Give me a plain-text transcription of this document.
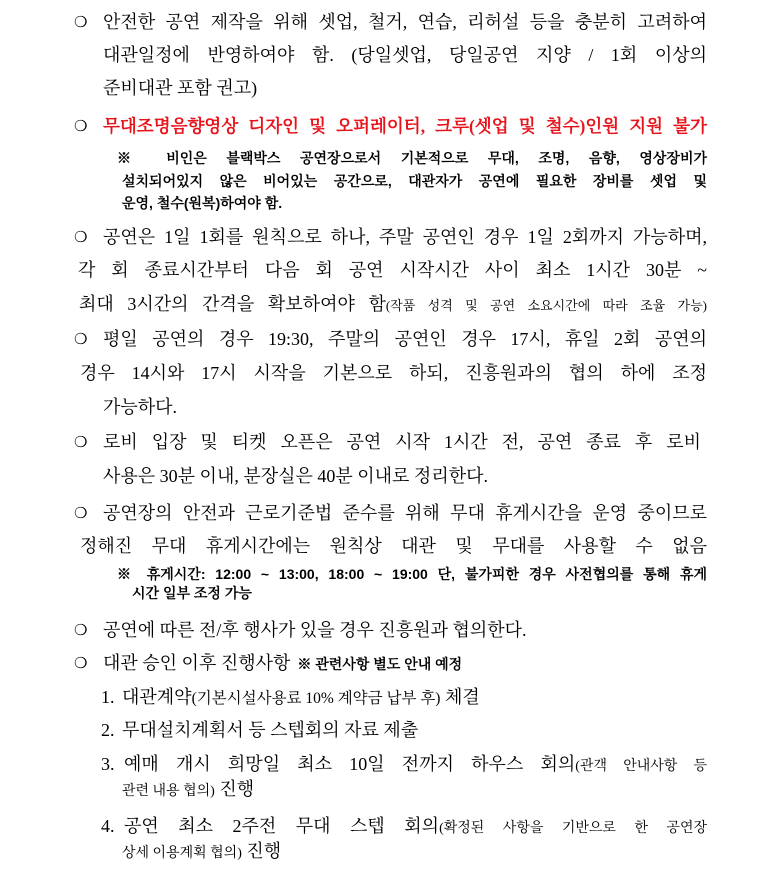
❍ 안전한 공연 제작을 위해 셋업, 철거, 연습, 리허설 등을 충분히 고려하여
대관일정에 반영하여야 함. (당일셋업, 당일공연 지양 / 1회 이상의
준비대관 포함 권고)
❍ 무대조명음향영상 디자인 및 오퍼레이터, 크루(셋업 및 철수)인원 지원 불가
※ 비인은 블랙박스 공연장으로서 기본적으로 무대, 조명, 음향, 영상장비가
설치되어있지 않은 비어있는 공간으로, 대관자가 공연에 필요한 장비를 셋업 및
운영, 철수(원복)하여야 함.
❍ 공연은 1일 1회를 원칙으로 하나, 주말 공연인 경우 1일 2회까지 가능하며,
각 회 종료시간부터 다음 회 공연 시작시간 사이 최소 1시간 30분 ~
최대 3시간의 간격을 확보하여야 함(작품 성격 및 공연 소요시간에 따라 조율 가능)
❍ 평일 공연의 경우 19:30, 주말의 공연인 경우 17시, 휴일 2회 공연의
경우 14시와 17시 시작을 기본으로 하되, 진흥원과의 협의 하에 조정
가능하다.
❍ 로비 입장 및 티켓 오픈은 공연 시작 1시간 전, 공연 종료 후 로비
사용은 30분 이내, 분장실은 40분 이내로 정리한다.
❍ 공연장의 안전과 근로기준법 준수를 위해 무대 휴게시간을 운영 중이므로
정해진 무대 휴게시간에는 원칙상 대관 및 무대를 사용할 수 없음
※ 휴게시간: 12:00 ~ 13:00, 18:00 ~ 19:00 단, 불가피한 경우 사전협의를 통해 휴게
시간 일부 조정 가능
❍ 공연에 따른 전/후 행사가 있을 경우 진흥원과 협의한다.
❍ 대관 승인 이후 진행사항 ※ 관련사항 별도 안내 예정
1. 대관계약(기본시설사용료 10% 계약금 납부 후) 체결
2. 무대설치계획서 등 스텝회의 자료 제출
3. 예매 개시 희망일 최소 10일 전까지 하우스 회의(관객 안내사항 등
관련 내용 협의) 진행
4. 공연 최소 2주전 무대 스텝 회의(확정된 사항을 기반으로 한 공연장
상세 이용계획 협의) 진행
